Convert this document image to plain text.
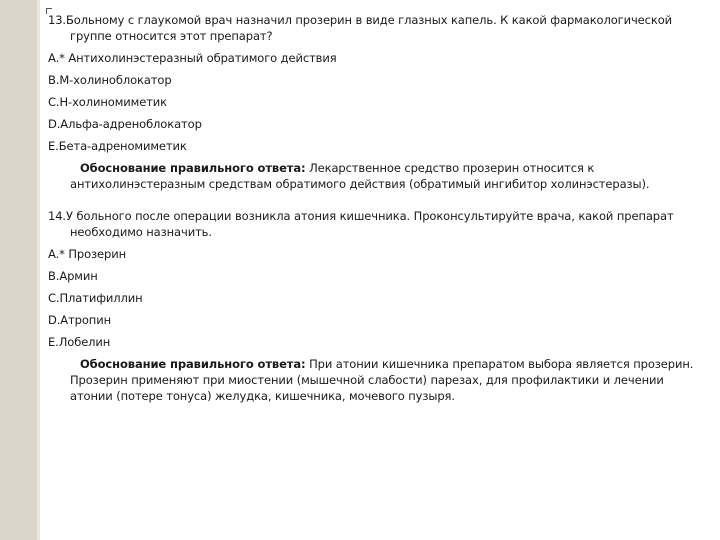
13.Больному с глаукомой врач назначил прозерин в виде глазных капель. К какой фармакологической группе относится этот препарат?

A.* Антихолинэстеразный обратимого действия

B.М-холиноблокатор

C.Н-холиномиметик

D.Альфа-адреноблокатор

E.Бета-адреномиметик

Обоснование правильного ответа: Лекарственное средство прозерин относится к антихолинэстеразным средствам обратимого действия (обратимый ингибитор холинэстеразы).

14.У больного после операции возникла атония кишечника. Проконсультируйте врача, какой препарат необходимо назначить.

A.* Прозерин

B.Армин

C.Платифиллин

D.Атропин

E.Лобелин

Обоснование правильного ответа: При атонии кишечника препаратом выбора является прозерин. Прозерин применяют при миостении (мышечной слабости) парезах, для профилактики и лечении атонии (потере тонуса) желудка, кишечника, мочевого пузыря.
